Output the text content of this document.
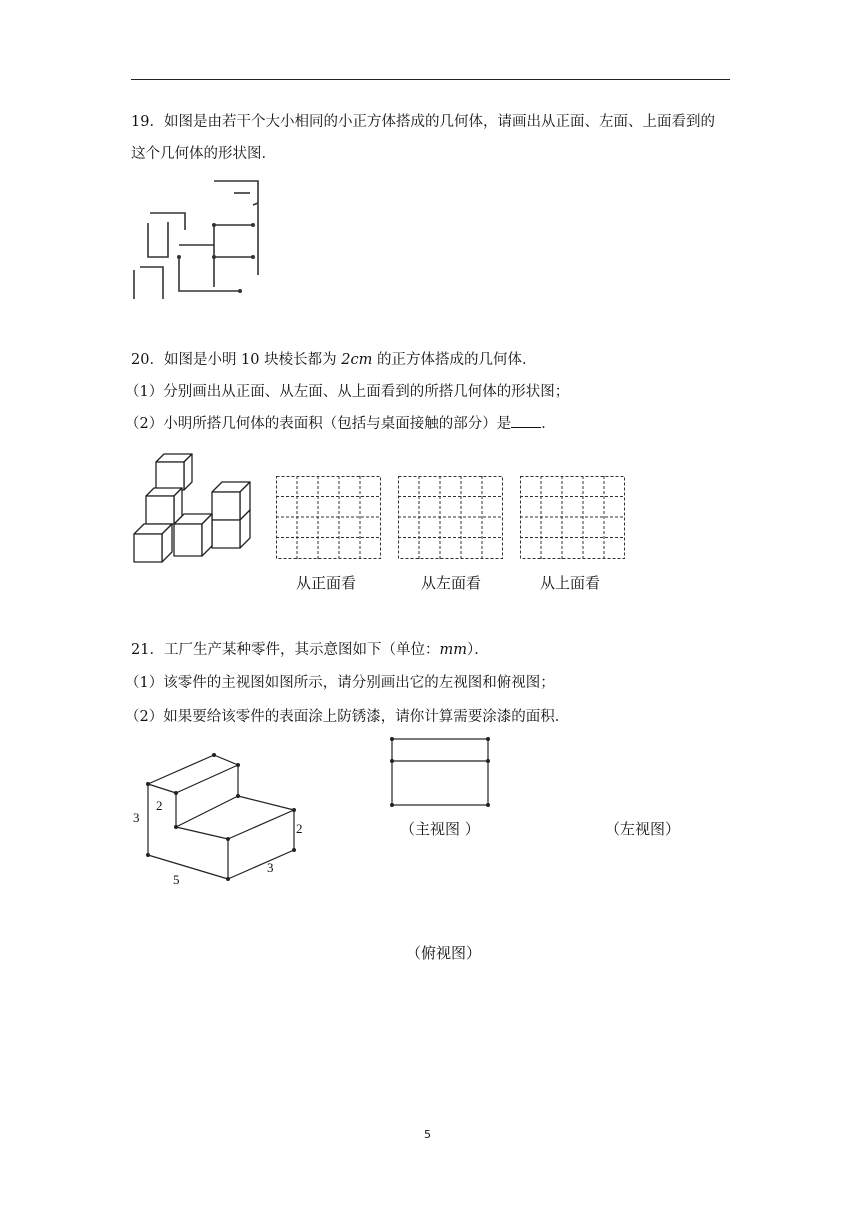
19．如图是由若干个大小相同的小正方体搭成的几何体，请画出从正面、左面、上面看到的
这个几何体的形状图．
20．如图是小明 10 块棱长都为 2cm 的正方体搭成的几何体．
（1）分别画出从正面、从左面、从上面看到的所搭几何体的形状图；
（2）小明所搭几何体的表面积（包括与桌面接触的部分）是 ．
从正面看	从左面看	从上面看
21．工厂生产某种零件，其示意图如下（单位：mm）．
（1）该零件的主视图如图所示，请分别画出它的左视图和俯视图；
（2）如果要给该零件的表面涂上防锈漆，请你计算需要涂漆的面积．
3
2
2
5
3
（主视图 ）	（左视图）
（俯视图）
5
